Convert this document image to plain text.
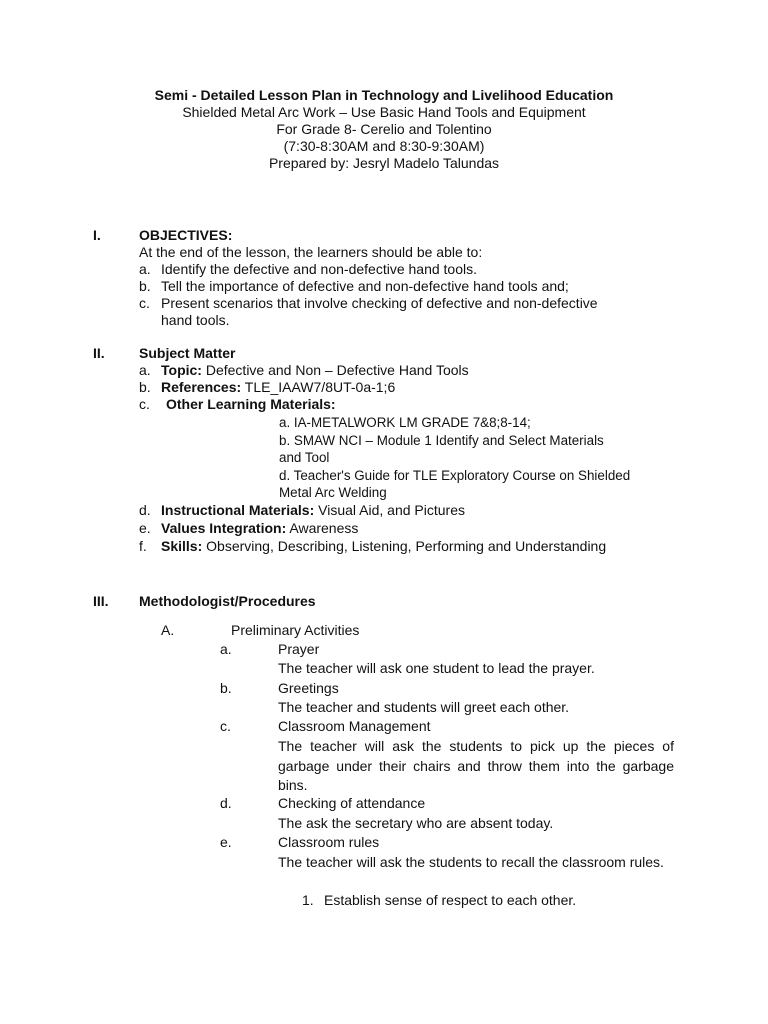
Semi - Detailed Lesson Plan in Technology and Livelihood Education
Shielded Metal Arc Work – Use Basic Hand Tools and Equipment
For Grade 8- Cerelio and Tolentino
(7:30-8:30AM and 8:30-9:30AM)
Prepared by: Jesryl Madelo Talundas
I.	OBJECTIVES:
At the end of the lesson, the learners should be able to:
a. Identify the defective and non-defective hand tools.
b. Tell the importance of defective and non-defective hand tools and;
c. Present scenarios that involve checking of defective and non-defective
hand tools.
II. Subject Matter
a. Topic: Defective and Non – Defective Hand Tools
b. References: TLE_IAAW7/8UT-0a-1;6
c. Other Learning Materials:
a. IA-METALWORK LM GRADE 7&8;8-14;
b. SMAW NCI – Module 1 Identify and Select Materials
and Tool
d. Teacher's Guide for TLE Exploratory Course on Shielded
Metal Arc Welding
d. Instructional Materials: Visual Aid, and Pictures
e. Values Integration: Awareness
f. Skills: Observing, Describing, Listening, Performing and Understanding
III. Methodologist/Procedures
A.	Preliminary Activities
a.	Prayer
The teacher will ask one student to lead the prayer.
b.	Greetings
The teacher and students will greet each other.
c.	Classroom Management
The teacher will ask the students to pick up the pieces of garbage under their chairs and throw them into the garbage bins.
d.	Checking of attendance
The ask the secretary who are absent today.
e.	Classroom rules
The teacher will ask the students to recall the classroom rules.
1. Establish sense of respect to each other.
